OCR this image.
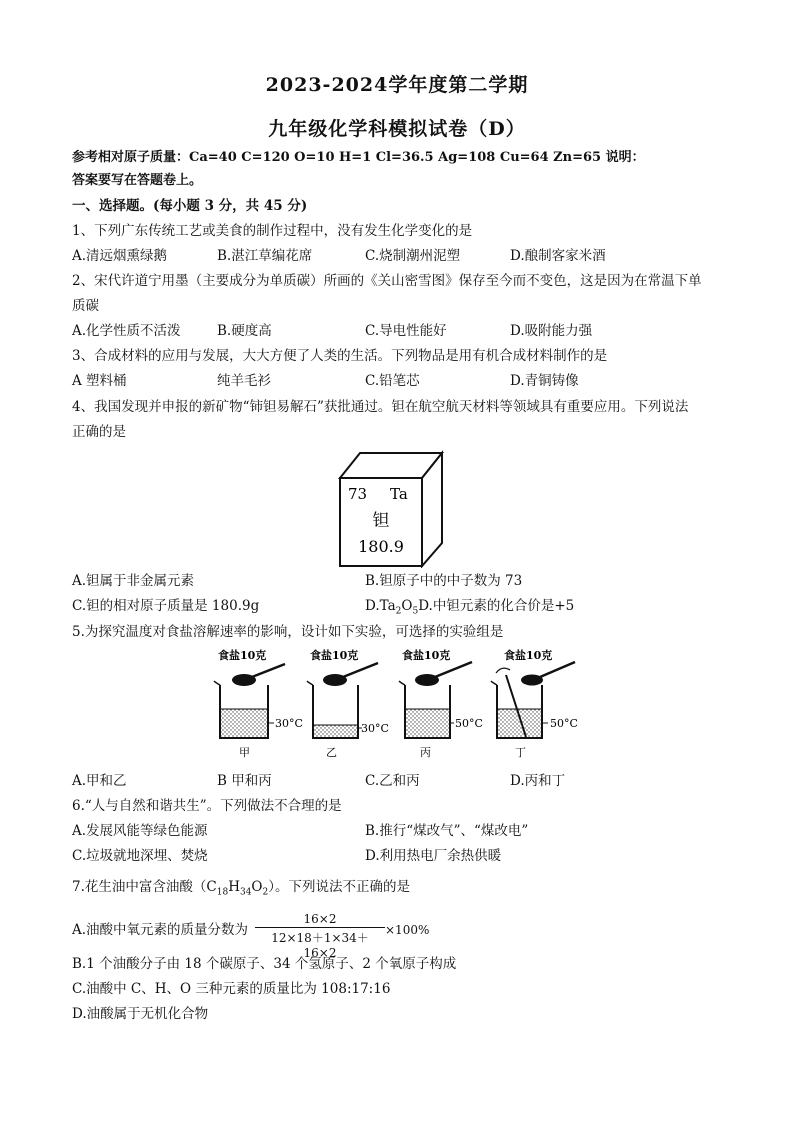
2023-2024学年度第二学期
九年级化学科模拟试卷（D）
参考相对原子质量：Ca=40 C=120 O=10 H=1 Cl=36.5 Ag=108 Cu=64 Zn=65 说明：
答案要写在答题卷上。
一、选择题。(每小题 3 分，共 45 分)
1、下列广东传统工艺或美食的制作过程中，没有发生化学变化的是
A.清远烟熏绿鹅	B.湛江草编花席	C.烧制潮州泥塑	D.酿制客家米酒
2、宋代许道宁用墨（主要成分为单质碳）所画的《关山密雪图》保存至今而不变色，这是因为在常温下单
质碳
A.化学性质不活泼	B.硬度高	C.导电性能好	D.吸附能力强
3、合成材料的应用与发展，大大方便了人类的生活。下列物品是用有机合成材料制作的是
A 塑料桶	纯羊毛衫	C.铅笔芯	D.青铜铸像
4、我国发现并申报的新矿物“铈钽易解石”获批通过。钽在航空航天材料等领域具有重要应用。下列说法
正确的是
73 Ta
钽
180.9
A.钽属于非金属元素	B.钽原子中的中子数为 73
C.钽的相对原子质量是 180.9g	$D.Ta_2O_5D$.中钽元素的化合价是+5
5.为探究温度对食盐溶解速率的影响，设计如下实验，可选择的实验组是
食盐10克
30°C
甲
食盐10克
30°C
乙
食盐10克
50°C
丙
食盐10克
50°C
丁
A.甲和乙	B 甲和丙	C.乙和丙	D.丙和丁
6.“人与自然和谐共生”。下列做法不合理的是
A.发展风能等绿色能源	B.推行“煤改气”、“煤改电”
C.垃圾就地深埋、焚烧	D.利用热电厂余热供暖
7.花生油中富含油酸$(C_{18}H_{34}O_2)$。下列说法不正确的是
A.油酸中氧元素的质量分数为 $\frac{16\times 2}{12\times 18+1\times 34+16\times 2} \times 100\%$
B.1 个油酸分子由 18 个碳原子、34 个氢原子、2 个氧原子构成
C.油酸中 C、H、O 三种元素的质量比为 108:17:16
D.油酸属于无机化合物
